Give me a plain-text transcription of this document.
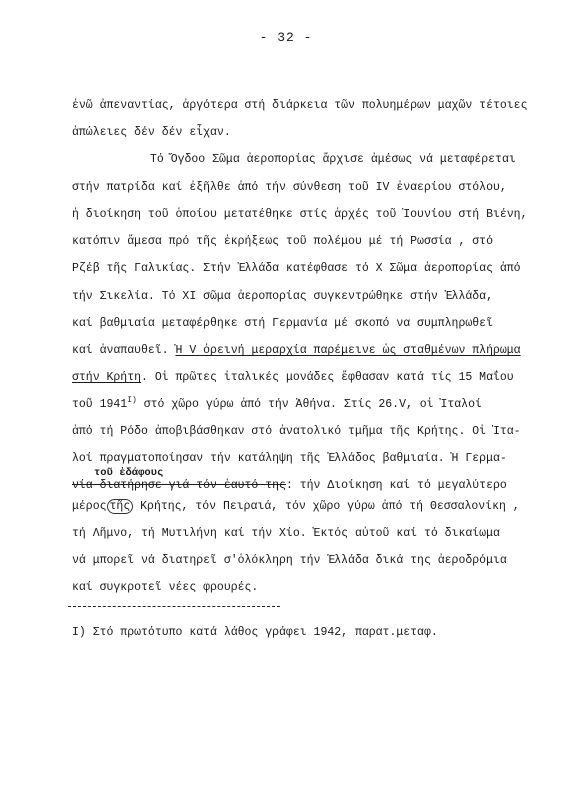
- 32 -
ἐνῶ ἀπεναντίας, ἀργότερα στή διάρκεια τῶν πολυημέρων μαχῶν τέτοιες
ἀπώλειες δέν δέν εἶχαν.
Τό Ὄγδοο Σῶμα ἀεροπορίας ἄρχισε ἀμέσως νά μεταφέρεται
στήν πατρίδα καί ἐξῆλθε ἀπό τήν σύνθεση τοῦ IV ἐναερίου στόλου,
ἡ διοίκηση τοῦ ὁποίου μετατέθηκε στίς ἀρχές τοῦ Ἰουνίου στή Βιένη,
κατόπιν ἄμεσα πρό τῆς ἐκρήξεως τοῦ πολέμου μέ τή Ρωσσία , στό
Ρζέβ τῆς Γαλικίας. Στήν Ἑλλάδα κατέφθασε τό Χ Σῶμα ἀεροπορίας ἀπό
τήν Σικελία. Τό XI σῶμα ἀεροπορίας συγκεντρώθηκε στήν Ἑλλάδα,
καί βαθμιαία μεταφέρθηκε στή Γερμανία μέ σκοπό να συμπληρωθεῖ
καί ἀναπαυθεῖ. Ἡ V ὀρεινή μεραρχία παρέμεινε ὡς σταθμένων πλήρωμα
στήν Κρήτη. Οἱ πρῶτες ἰταλικές μονάδες ἔφθασαν κατά τίς 15 Μαΐου
τοῦ $1941^{I)}$ στό χῶρο γύρω ἀπό τήν Ἀθήνα. Στίς 26.V, οἱ Ἰταλοί
ἀπό τή Ρόδο ἀποβιβάσθηκαν στό ἀνατολικό τμῆμα τῆς Κρήτης. Οἱ Ἰτα-
λοί πραγματοποίησαν τήν κατάληψη τῆς Ἑλλάδος βαθμιαία. Ἡ Γερμα-
νία διατήρησε γιά τόν ἑαυτό της: τήν Διοίκηση καί τό μεγαλύτερο
τοῦ ἐδάφους
μέρος τῆς Κρήτης, τόν Πειραιά, τόν χῶρο γύρω ἀπό τή Θεσσαλονίκη ,
τή Λῆμνο, τή Μυτιλήνη καί τήν Χίο. Ἐκτός αὐτοῦ καί τό δικαίωμα
νά μπορεῖ νά διατηρεῖ σ'ὁλόκληρη τήν Ἑλλάδα δικά της ἀεροδρόμια
καί συγκροτεῖ νέες φρουρές.
I) Στό πρωτότυπο κατά λάθος γράφει 1942, παρατ.μεταφ.
